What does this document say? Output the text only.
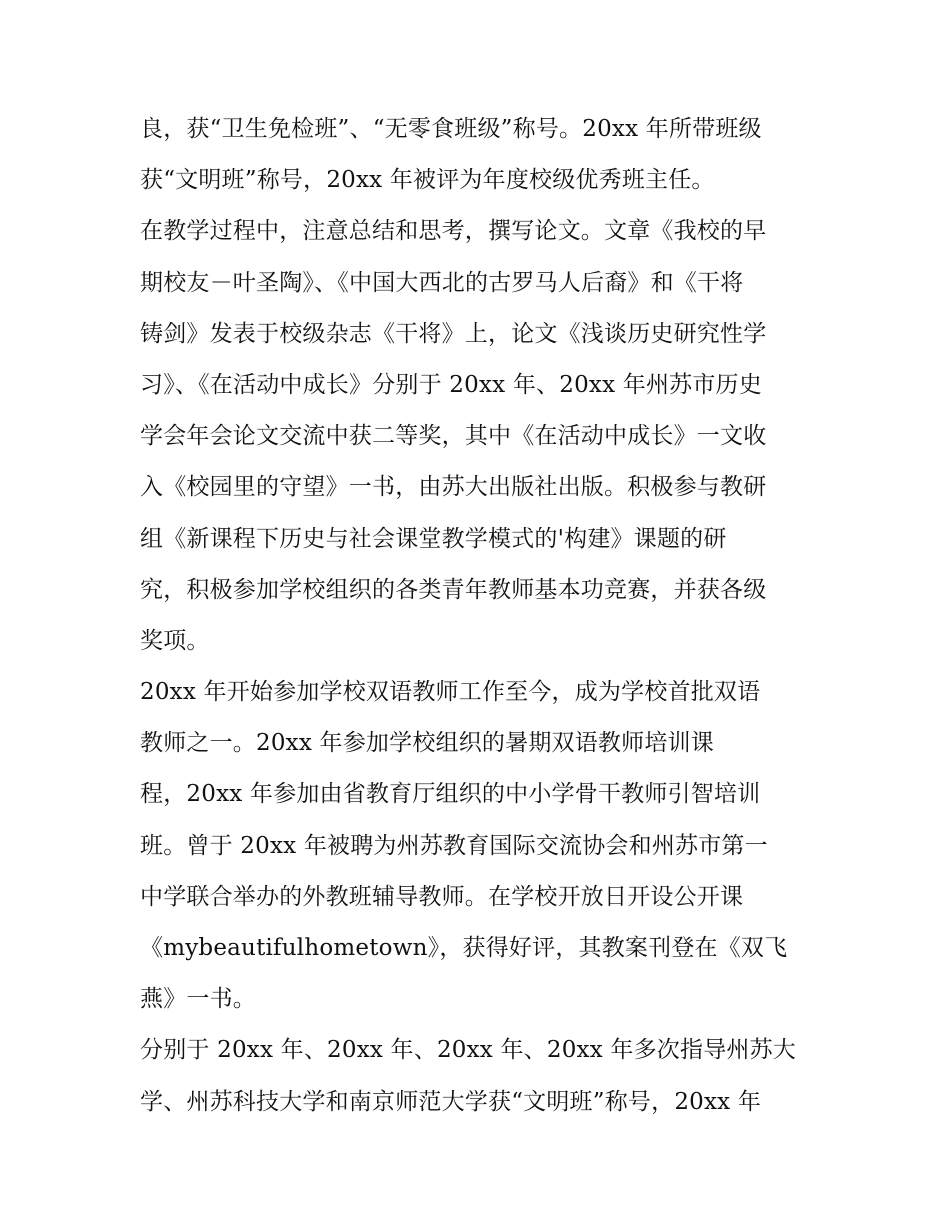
良，获“卫生免检班”、“无零食班级”称号。20xx 年所带班级
获“文明班”称号，20xx 年被评为年度校级优秀班主任。
在教学过程中，注意总结和思考，撰写论文。文章《我校的早
期校友－叶圣陶》、《中国大西北的古罗马人后裔》和《干将
铸剑》发表于校级杂志《干将》上，论文《浅谈历史研究性学
习》、《在活动中成长》分别于 20xx 年、20xx 年州苏市历史
学会年会论文交流中获二等奖，其中《在活动中成长》一文收
入《校园里的守望》一书，由苏大出版社出版。积极参与教研
组《新课程下历史与社会课堂教学模式的'构建》课题的研
究，积极参加学校组织的各类青年教师基本功竞赛，并获各级
奖项。
20xx 年开始参加学校双语教师工作至今，成为学校首批双语
教师之一。20xx 年参加学校组织的暑期双语教师培训课
程，20xx 年参加由省教育厅组织的中小学骨干教师引智培训
班。曾于 20xx 年被聘为州苏教育国际交流协会和州苏市第一
中学联合举办的外教班辅导教师。在学校开放日开设公开课
《mybeautifulhometown》，获得好评，其教案刊登在《双飞
燕》一书。
分别于 20xx 年、20xx 年、20xx 年、20xx 年多次指导州苏大
学、州苏科技大学和南京师范大学获“文明班”称号，20xx 年
